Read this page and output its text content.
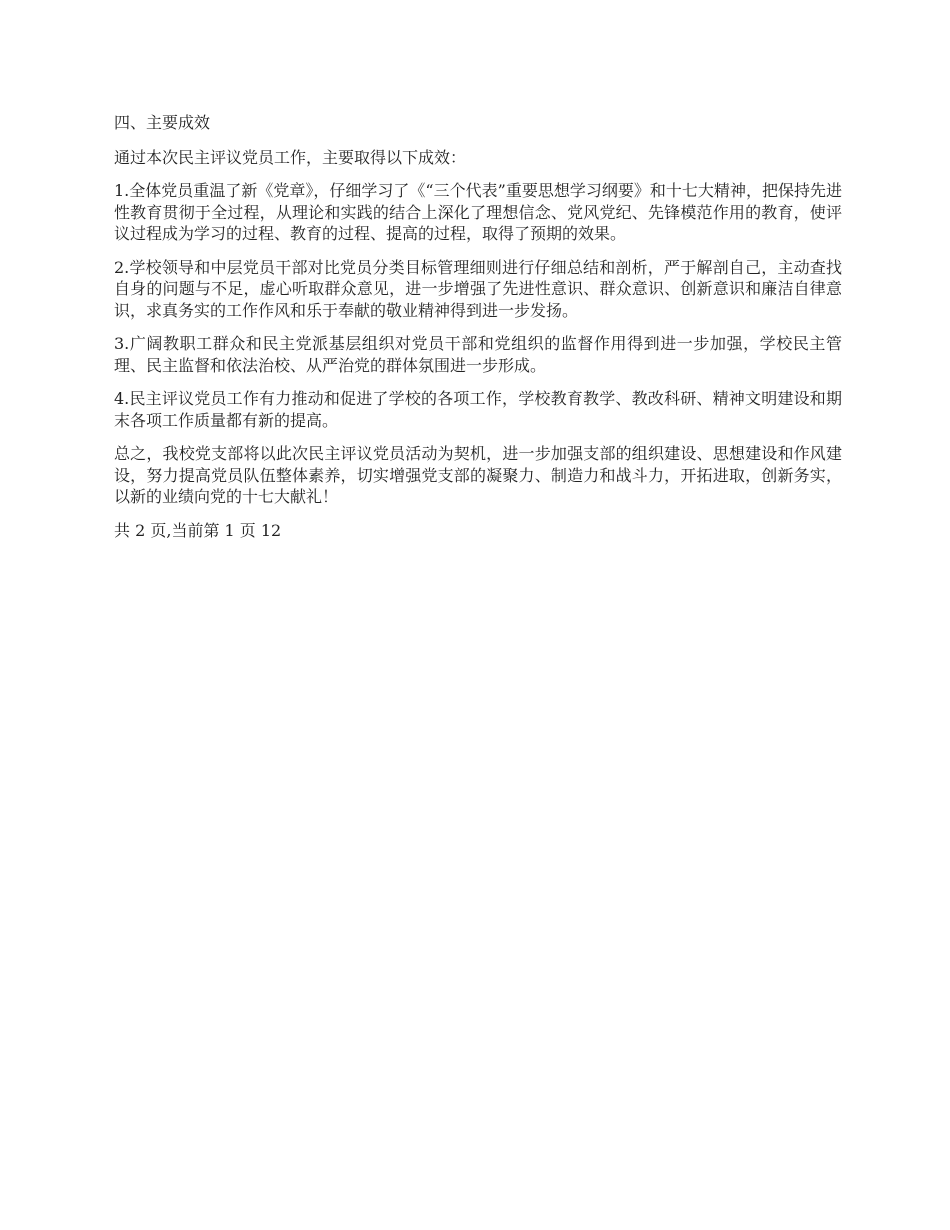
四、主要成效

通过本次民主评议党员工作，主要取得以下成效：

1.全体党员重温了新《党章》，仔细学习了《“三个代表”重要思想学习纲要》和十七大精神，把保持先进性教育贯彻于全过程，从理论和实践的结合上深化了理想信念、党风党纪、先锋模范作用的教育，使评议过程成为学习的过程、教育的过程、提高的过程，取得了预期的效果。

2.学校领导和中层党员干部对比党员分类目标管理细则进行仔细总结和剖析，严于解剖自己，主动查找自身的问题与不足，虚心听取群众意见，进一步增强了先进性意识、群众意识、创新意识和廉洁自律意识，求真务实的工作作风和乐于奉献的敬业精神得到进一步发扬。

3.广阔教职工群众和民主党派基层组织对党员干部和党组织的监督作用得到进一步加强，学校民主管理、民主监督和依法治校、从严治党的群体氛围进一步形成。

4.民主评议党员工作有力推动和促进了学校的各项工作，学校教育教学、教改科研、精神文明建设和期末各项工作质量都有新的提高。

总之，我校党支部将以此次民主评议党员活动为契机，进一步加强支部的组织建设、思想建设和作风建设，努力提高党员队伍整体素养，切实增强党支部的凝聚力、制造力和战斗力，开拓进取，创新务实，以新的业绩向党的十七大献礼！

共 2 页,当前第 1 页 12
